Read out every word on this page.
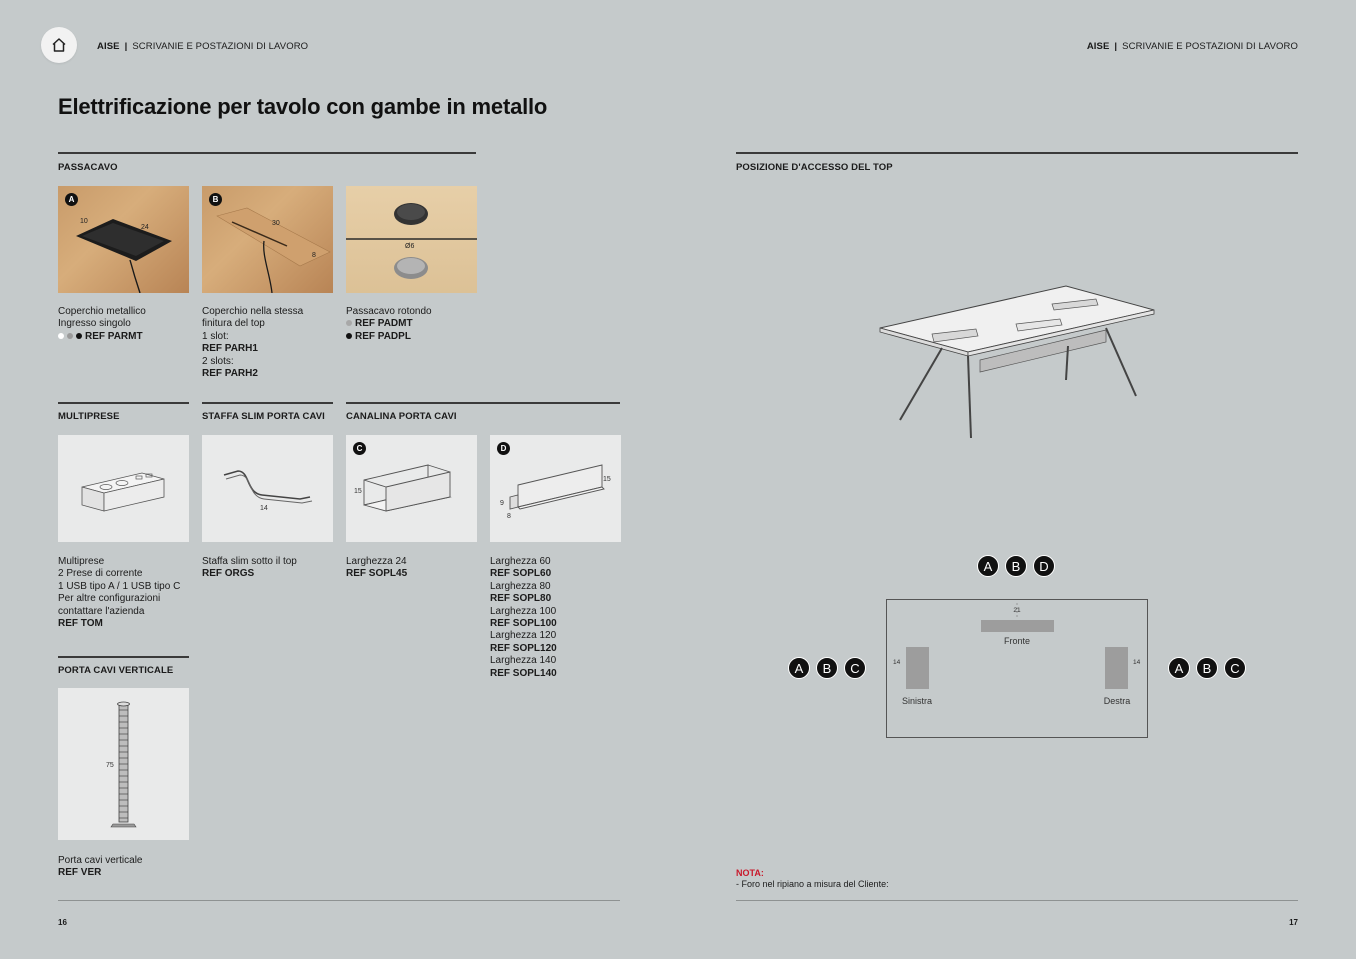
AISE | SCRIVANIE E POSTAZIONI DI LAVORO	AISE | SCRIVANIE E POSTAZIONI DI LAVORO
Elettrificazione per tavolo con gambe in metallo
PASSACAVO
A
10
24
Coperchio metallico
Ingresso singolo
REF PARMT
B
30
8
Coperchio nella stessa
finitura del top
1 slot:
REF PARH1
2 slots:
REF PARH2
Ø6
Passacavo rotondo
REF PADMT
REF PADPL
MULTIPRESE
Multiprese
2 Prese di corrente
1 USB tipo A / 1 USB tipo C
Per altre configurazioni
contattare l'azienda
REF TOM
STAFFA SLIM PORTA CAVI
14
Staffa slim sotto il top
REF ORGS
CANALINA PORTA CAVI
C
15
Larghezza 24
REF SOPL45
D
15
9
8
Larghezza 60
REF SOPL60
Larghezza 80
REF SOPL80
Larghezza 100
REF SOPL100
Larghezza 120
REF SOPL120
Larghezza 140
REF SOPL140
PORTA CAVI VERTICALE
75
Porta cavi verticale
REF VER
16
POSIZIONE D'ACCESSO DEL TOP
A B D
21
Fronte
14
Sinistra
14
Destra
A B C	A B C
NOTA:
- Foro nel ripiano a misura del Cliente:
17
